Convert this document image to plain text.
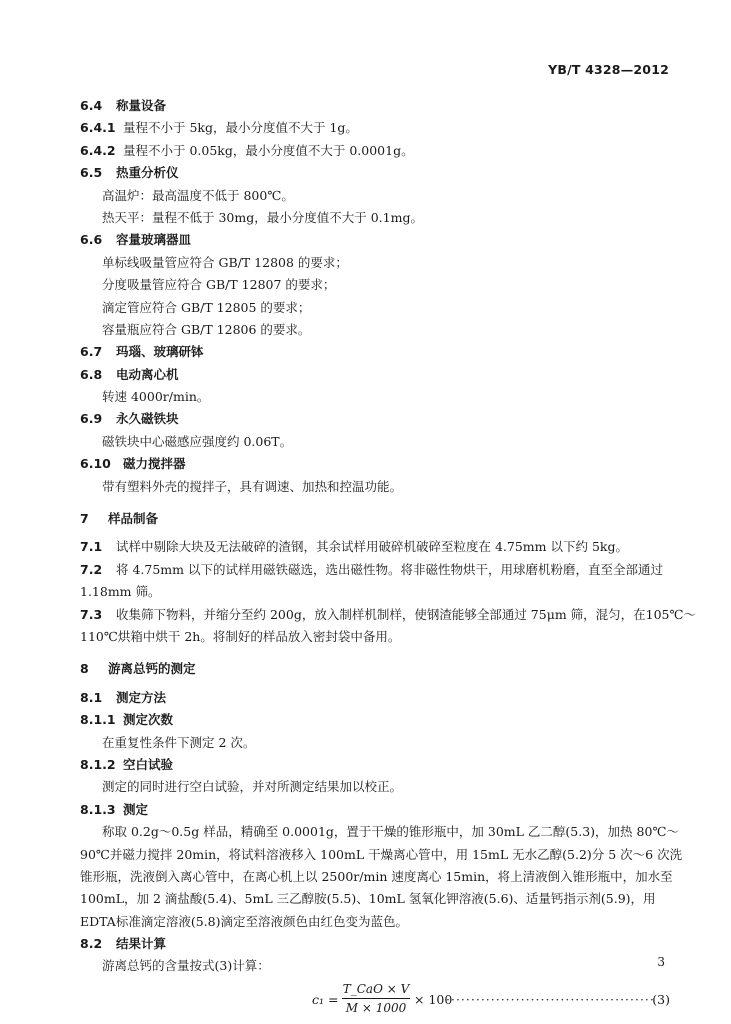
YB/T 4328—2012
6.4 称量设备
6.4.1 量程不小于 5kg，最小分度值不大于 1g。
6.4.2 量程不小于 0.05kg，最小分度值不大于 0.0001g。
6.5 热重分析仪
高温炉：最高温度不低于 800℃。
热天平：量程不低于 30mg，最小分度值不大于 0.1mg。
6.6 容量玻璃器皿
单标线吸量管应符合 GB/T 12808 的要求；
分度吸量管应符合 GB/T 12807 的要求；
滴定管应符合 GB/T 12805 的要求；
容量瓶应符合 GB/T 12806 的要求。
6.7 玛瑙、玻璃研钵
6.8 电动离心机
转速 4000r/min。
6.9 永久磁铁块
磁铁块中心磁感应强度约 0.06T。
6.10 磁力搅拌器
带有塑料外壳的搅拌子，具有调速、加热和控温功能。
7 样品制备
7.1 试样中剔除大块及无法破碎的渣钢，其余试样用破碎机破碎至粒度在 4.75mm 以下约 5kg。
7.2 将 4.75mm 以下的试样用磁铁磁选，选出磁性物。将非磁性物烘干，用球磨机粉磨，直至全部通过
1.18mm 筛。
7.3 收集筛下物料，并缩分至约 200g，放入制样机制样，使钢渣能够全部通过 75μm 筛，混匀，在105℃～
110℃烘箱中烘干 2h。将制好的样品放入密封袋中备用。
8 游离总钙的测定
8.1 测定方法
8.1.1 测定次数
在重复性条件下测定 2 次。
8.1.2 空白试验
测定的同时进行空白试验，并对所测定结果加以校正。
8.1.3 测定
称取 0.2g～0.5g 样品，精确至 0.0001g，置于干燥的锥形瓶中，加 30mL 乙二醇(5.3)，加热 80℃～
90℃并磁力搅拌 20min，将试料溶液移入 100mL 干燥离心管中，用 15mL 无水乙醇(5.2)分 5 次～6 次洗
锥形瓶，洗液倒入离心管中，在离心机上以 2500r/min 速度离心 15min，将上清液倒入锥形瓶中，加水至
100mL，加 2 滴盐酸(5.4)、5mL 三乙醇胺(5.5)、10mL 氢氧化钾溶液(5.6)、适量钙指示剂(5.9)，用
EDTA标准滴定溶液(5.8)滴定至溶液颜色由红色变为蓝色。
8.2 结果计算
游离总钙的含量按式(3)计算：
c₁ =
T_CaO × V
M × 1000
× 100
··········································
(3)
3
